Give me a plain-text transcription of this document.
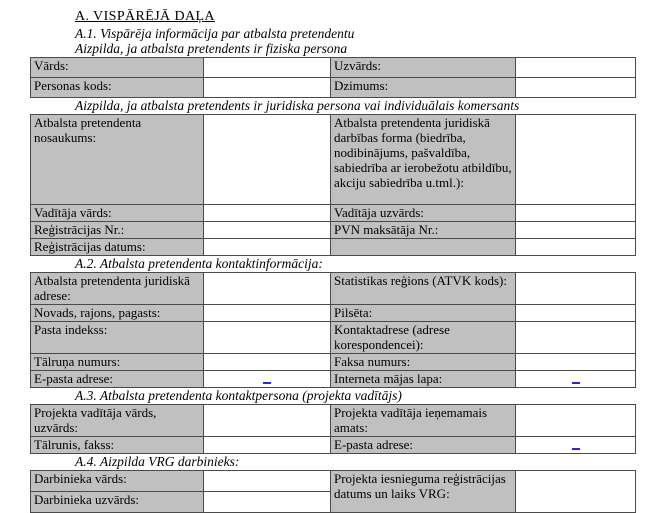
A. VISPĀRĒJĀ DAĻA
A.1. Vispārēja informācija par atbalsta pretendentu
Aizpilda, ja atbalsta pretendents ir fiziska persona
Vārds:		Uzvārds:	
Personas kods:		Dzimums:	
Aizpilda, ja atbalsta pretendents ir juridiska persona vai individuālais komersants
Atbalsta pretendenta nosaukums:		Atbalsta pretendenta juridiskā darbības forma (biedrība, nodibinājums, pašvaldība, sabiedrība ar ierobežotu atbildību, akciju sabiedrība u.tml.):	
Vadītāja vārds:		Vadītāja uzvārds:	
Reģistrācijas Nr.:		PVN maksātāja Nr.:	
Reģistrācijas datums:			
A.2. Atbalsta pretendenta kontaktinformācija:
Atbalsta pretendenta juridiskā adrese:		Statistikas reģions (ATVK kods):	
Novads, rajons, pagasts:		Pilsēta:	
Pasta indekss:		Kontaktadrese (adrese korespondencei):	
Tālruņa numurs:		Faksa numurs:	
E-pasta adrese:		Interneta mājas lapa:	
A.3. Atbalsta pretendenta kontaktpersona (projekta vadītājs)
Projekta vadītāja vārds, uzvārds:		Projekta vadītāja ieņemamais amats:	
Tālrunis, fakss:		E-pasta adrese:	
A.4. Aizpilda VRG darbinieks:
Darbinieka vārds:		Projekta iesnieguma reģistrācijas datums un laiks VRG:	
Darbinieka uzvārds:			
